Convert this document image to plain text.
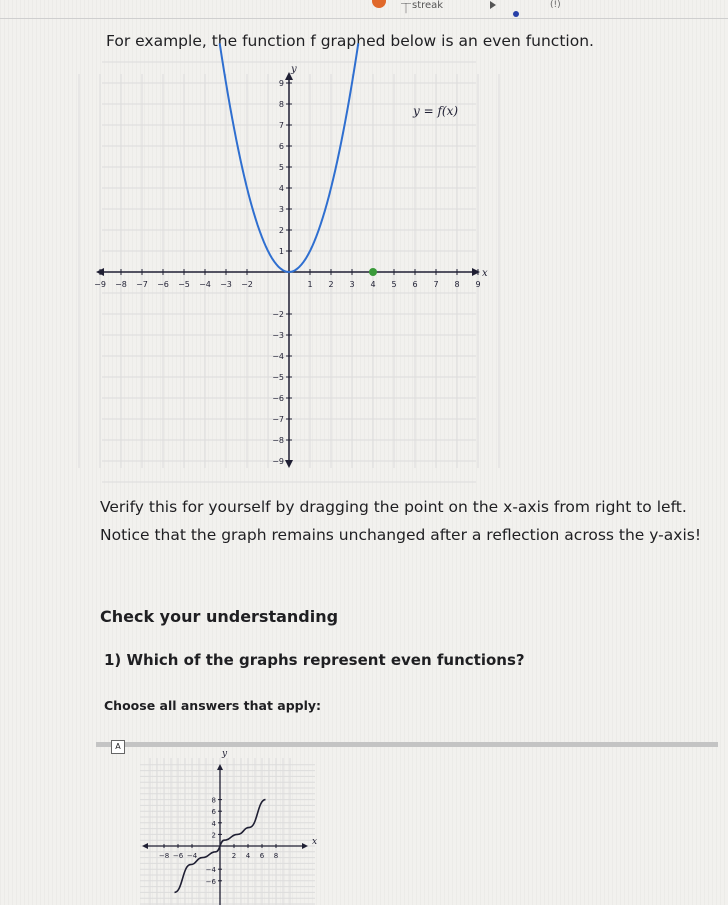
⏉ streak	(!)
For example, the function f graphed below is an even function.
x
y
−9 −8 −7 −6 −5 −4 −3 −2	1 2 3 4 5 6 7 8 9
9
8
7
6
5
4
3
2
1
−2
−3
−4
−5
−6
−7
−8
−9
y = f(x)
Verify this for yourself by dragging the point on the x-axis from right to left.
Notice that the graph remains unchanged after a reflection across the y-axis!
Check your understanding
1) Which of the graphs represent even functions?
Choose all answers that apply:
A
x
y
−8 −6 −4	2 4 6 8
8
6
4
2
−4
−6
